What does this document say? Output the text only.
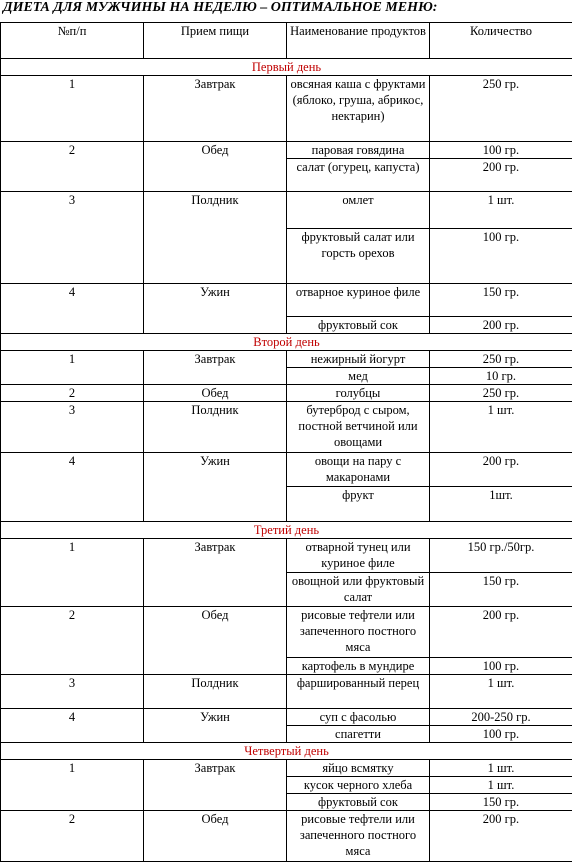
ДИЕТА ДЛЯ МУЖЧИНЫ НА НЕДЕЛЮ – ОПТИМАЛЬНОЕ МЕНЮ:
№п/п	Прием пищи	Наименование продуктов	Количество
Первый день			
1	Завтрак	овсяная каша с фруктами (яблоко, груша, абрикос, нектарин)	250 гр.
2	Обед	паровая говядина	100 гр.
		салат (огурец, капуста)	200 гр.
3	Полдник	омлет	1 шт.
		фруктовый салат или горсть орехов	100 гр.
4	Ужин	отварное куриное филе	150 гр.
		фруктовый сок	200 гр.
Второй день			
1	Завтрак	нежирный йогурт	250 гр.
		мед	10 гр.
2	Обед	голубцы	250 гр.
3	Полдник	бутерброд с сыром, постной ветчиной или овощами	1 шт.
4	Ужин	овощи на пару с макаронами	200 гр.
		фрукт	1шт.
Третий день			
1	Завтрак	отварной тунец или куриное филе	150 гр./50гр.
		овощной или фруктовый салат	150 гр.
2	Обед	рисовые тефтели или запеченного постного мяса	200 гр.
		картофель в мундире	100 гр.
3	Полдник	фаршированный перец	1 шт.
4	Ужин	суп с фасолью	200-250 гр.
		спагетти	100 гр.
Четвертый день			
1	Завтрак	яйцо всмятку	1 шт.
		кусок черного хлеба	1 шт.
		фруктовый сок	150 гр.
2	Обед	рисовые тефтели или запеченного постного мяса	200 гр.
